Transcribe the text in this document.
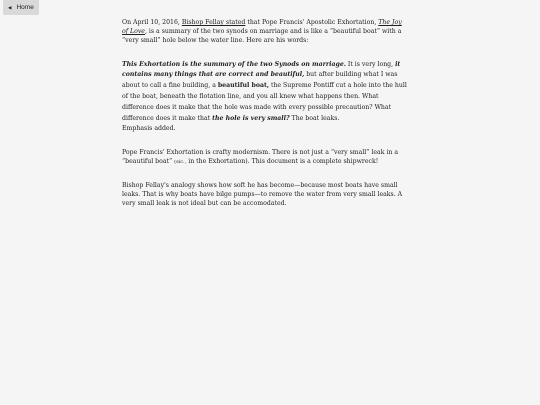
◀ Home

On April 10, 2016, Bishop Fellay stated that Pope Francis' Apostolic Exhortation, The Joy of Love, is a summary of the two synods on marriage and is like a “beautiful boat” with a “very small” hole below the water line. Here are his words:

This Exhortation is the summary of the two Synods on marriage. It is very long, it contains many things that are correct and beautiful, but after building what I was about to call a fine building, a beautiful boat, the Supreme Pontiff cut a hole into the hull of the boat, beneath the flotation line, and you all knew what happens then. What difference does it make that the hole was made with every possible precaution? What difference does it make that the hole is very small? The boat leaks.

Emphasis added.

Pope Francis' Exhortation is crafty modernism. There is not just a “very small” leak in a “beautiful boat” (sic., in the Exhortation). This document is a complete shipwreck!

Bishop Fellay's analogy shows how soft he has become—because most boats have small leaks. That is why boats have bilge pumps—to remove the water from very small leaks. A very small leak is not ideal but can be accomodated.
